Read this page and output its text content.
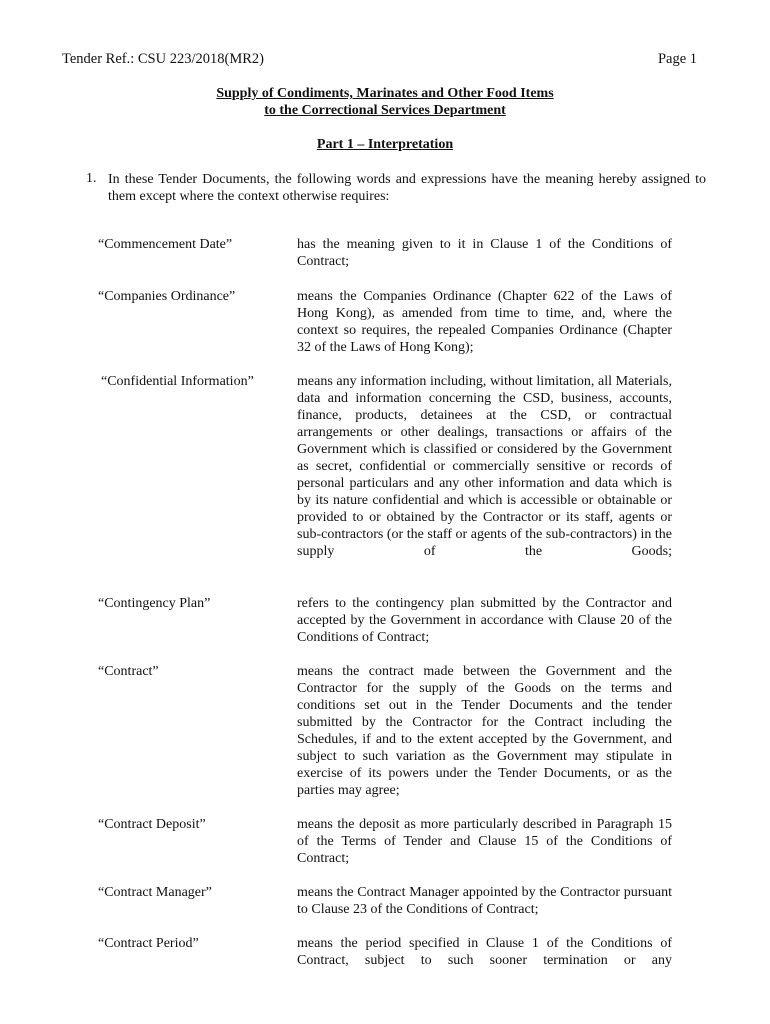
Tender Ref.: CSU 223/2018(MR2)	Page 1
Supply of Condiments, Marinates and Other Food Items
to the Correctional Services Department
Part 1 – Interpretation
1. In these Tender Documents, the following words and expressions have the meaning hereby assigned to them except where the context otherwise requires:
“Commencement Date”	has the meaning given to it in Clause 1 of the Conditions of Contract;
“Companies Ordinance”	means the Companies Ordinance (Chapter 622 of the Laws of Hong Kong), as amended from time to time, and, where the context so requires, the repealed Companies Ordinance (Chapter 32 of the Laws of Hong Kong);
“Confidential Information”	means any information including, without limitation, all Materials, data and information concerning the CSD, business, accounts, finance, products, detainees at the CSD, or contractual arrangements or other dealings, transactions or affairs of the Government which is classified or considered by the Government as secret, confidential or commercially sensitive or records of personal particulars and any other information and data which is by its nature confidential and which is accessible or obtainable or provided to or obtained by the Contractor or its staff, agents or sub-contractors (or the staff or agents of the sub-contractors) in the supply of the Goods;
“Contingency Plan”	refers to the contingency plan submitted by the Contractor and accepted by the Government in accordance with Clause 20 of the Conditions of Contract;
“Contract”	means the contract made between the Government and the Contractor for the supply of the Goods on the terms and conditions set out in the Tender Documents and the tender submitted by the Contractor for the Contract including the Schedules, if and to the extent accepted by the Government, and subject to such variation as the Government may stipulate in exercise of its powers under the Tender Documents, or as the parties may agree;
“Contract Deposit”	means the deposit as more particularly described in Paragraph 15 of the Terms of Tender and Clause 15 of the Conditions of Contract;
“Contract Manager”	means the Contract Manager appointed by the Contractor pursuant to Clause 23 of the Conditions of Contract;
“Contract Period”	means the period specified in Clause 1 of the Conditions of Contract, subject to such sooner termination or any
